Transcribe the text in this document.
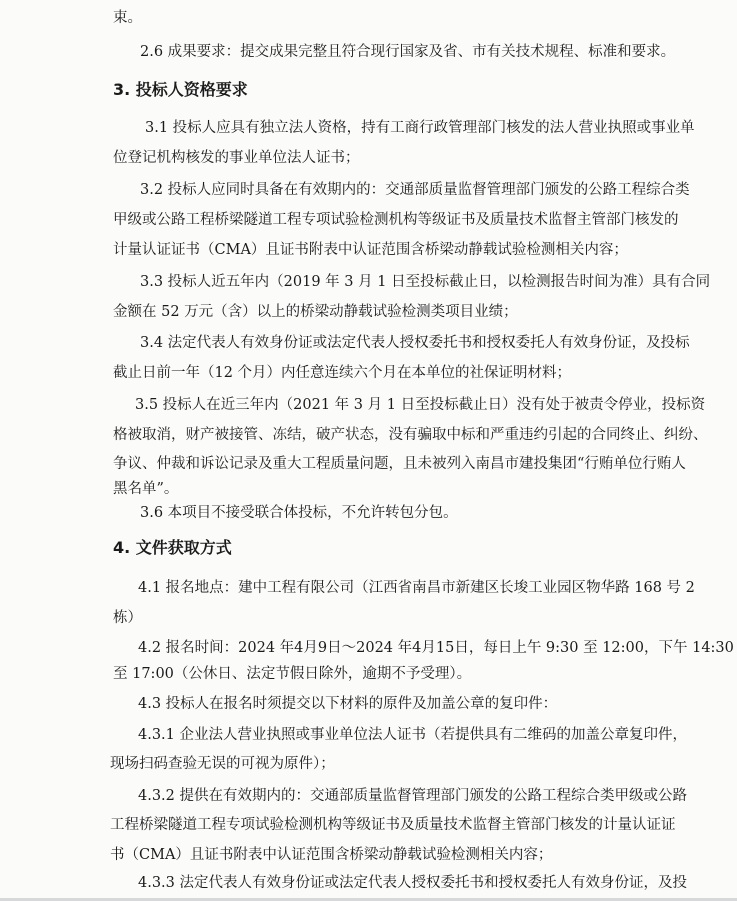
束。
2.6 成果要求：提交成果完整且符合现行国家及省、市有关技术规程、标准和要求。
3. 投标人资格要求
3.1 投标人应具有独立法人资格，持有工商行政管理部门核发的法人营业执照或事业单
位登记机构核发的事业单位法人证书；
3.2 投标人应同时具备在有效期内的：交通部质量监督管理部门颁发的公路工程综合类
甲级或公路工程桥梁隧道工程专项试验检测机构等级证书及质量技术监督主管部门核发的
计量认证证书（CMA）且证书附表中认证范围含桥梁动静载试验检测相关内容；
3.3 投标人近五年内（2019 年 3 月 1 日至投标截止日，以检测报告时间为准）具有合同
金额在 52 万元（含）以上的桥梁动静载试验检测类项目业绩；
3.4 法定代表人有效身份证或法定代表人授权委托书和授权委托人有效身份证，及投标
截止日前一年（12 个月）内任意连续六个月在本单位的社保证明材料；
3.5 投标人在近三年内（2021 年 3 月 1 日至投标截止日）没有处于被责令停业，投标资
格被取消，财产被接管、冻结，破产状态，没有骗取中标和严重违约引起的合同终止、纠纷、
争议、仲裁和诉讼记录及重大工程质量问题，且未被列入南昌市建投集团“行贿单位行贿人
黑名单”。
3.6 本项目不接受联合体投标，不允许转包分包。
4. 文件获取方式
4.1 报名地点：建中工程有限公司（江西省南昌市新建区长埈工业园区物华路 168 号 2
栋）
4.2 报名时间：2024 年4月9日～2024 年4月15日，每日上午 9:30 至 12:00，下午 14:30
至 17:00（公休日、法定节假日除外，逾期不予受理）。
4.3 投标人在报名时须提交以下材料的原件及加盖公章的复印件：
4.3.1 企业法人营业执照或事业单位法人证书（若提供具有二维码的加盖公章复印件，
现场扫码查验无误的可视为原件）；
4.3.2 提供在有效期内的：交通部质量监督管理部门颁发的公路工程综合类甲级或公路
工程桥梁隧道工程专项试验检测机构等级证书及质量技术监督主管部门核发的计量认证证
书（CMA）且证书附表中认证范围含桥梁动静载试验检测相关内容；
4.3.3 法定代表人有效身份证或法定代表人授权委托书和授权委托人有效身份证，及投
